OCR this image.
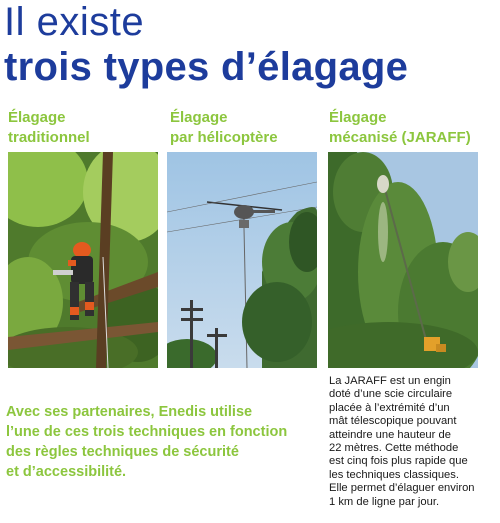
Il existe
trois types d’élagage
Élagage
traditionnel
Élagage
par hélicoptère
Élagage
mécanisé (JARAFF)
Avec ses partenaires, Enedis utilise
l’une de ces trois techniques en fonction
des règles techniques de sécurité
et d’accessibilité.
La JARAFF est un engin
doté d’une scie circulaire
placée à l’extrémité d’un
mât télescopique pouvant
atteindre une hauteur de
22 mètres. Cette méthode
est cinq fois plus rapide que
les techniques classiques.
Elle permet d’élaguer environ
1 km de ligne par jour.
